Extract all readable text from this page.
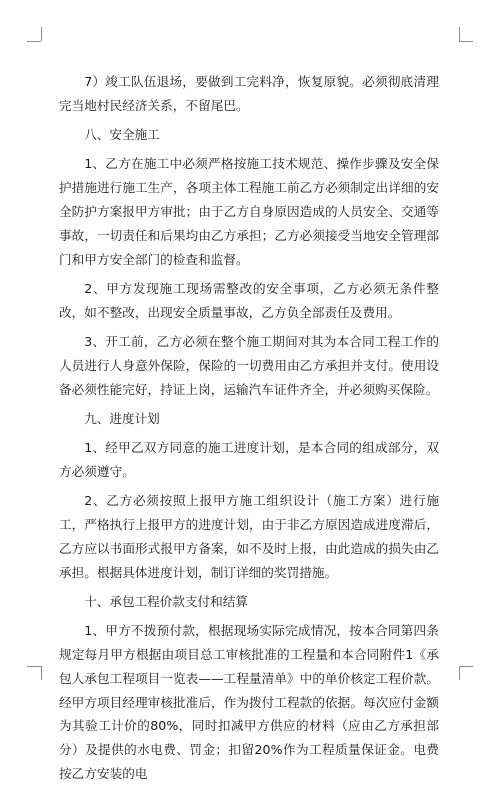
7）竣工队伍退场，要做到工完料净，恢复原貌。必须彻底清理完当地村民经济关系，不留尾巴。

八、安全施工

1、乙方在施工中必须严格按施工技术规范、操作步骤及安全保护措施进行施工生产，各项主体工程施工前乙方必须制定出详细的安全防护方案报甲方审批；由于乙方自身原因造成的人员安全、交通等事故，一切责任和后果均由乙方承担；乙方必须接受当地安全管理部门和甲方安全部门的检查和监督。

2、甲方发现施工现场需整改的安全事项，乙方必须无条件整改，如不整改，出现安全质量事故，乙方负全部责任及费用。

3、开工前，乙方必须在整个施工期间对其为本合同工程工作的人员进行人身意外保险，保险的一切费用由乙方承担并支付。使用设备必须性能完好，持证上岗，运输汽车证件齐全，并必须购买保险。

九、进度计划

1、经甲乙双方同意的施工进度计划，是本合同的组成部分，双方必须遵守。

2、乙方必须按照上报甲方施工组织设计（施工方案）进行施工，严格执行上报甲方的进度计划，由于非乙方原因造成进度滞后，乙方应以书面形式报甲方备案，如不及时上报，由此造成的损失由乙承担。根据具体进度计划，制订详细的奖罚措施。

十、承包工程价款支付和结算

1、甲方不拨预付款，根据现场实际完成情况，按本合同第四条规定每月甲方根据由项目总工审核批准的工程量和本合同附件1《承包人承包工程项目一览表——工程量清单》中的单价核定工程价款。经甲方项目经理审核批准后，作为拨付工程款的依据。每次应付金额为其验工计价的80%，同时扣减甲方供应的材料（应由乙方承担部分）及提供的水电费、罚金；扣留20%作为工程质量保证金。电费按乙方安装的电
